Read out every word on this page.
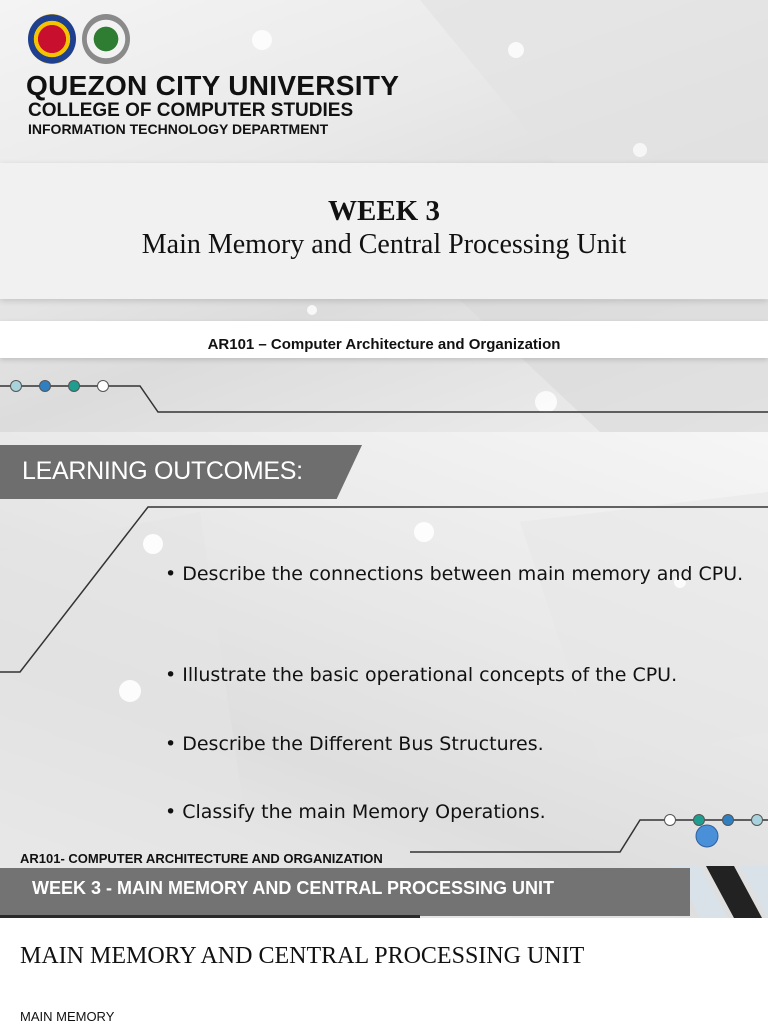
QUEZON CITY UNIVERSITY
COLLEGE OF COMPUTER STUDIES
INFORMATION TECHNOLOGY DEPARTMENT
WEEK 3
Main Memory and Central Processing Unit
AR101 – Computer Architecture and Organization
LEARNING OUTCOMES:
• Describe the connections between main memory and CPU.
• Illustrate the basic operational concepts of the CPU.
• Describe the Different Bus Structures.
• Classify the main Memory Operations.
AR101- COMPUTER ARCHITECTURE AND ORGANIZATION
WEEK 3 - MAIN MEMORY AND CENTRAL PROCESSING UNIT
MAIN MEMORY AND CENTRAL PROCESSING UNIT
MAIN MEMORY
